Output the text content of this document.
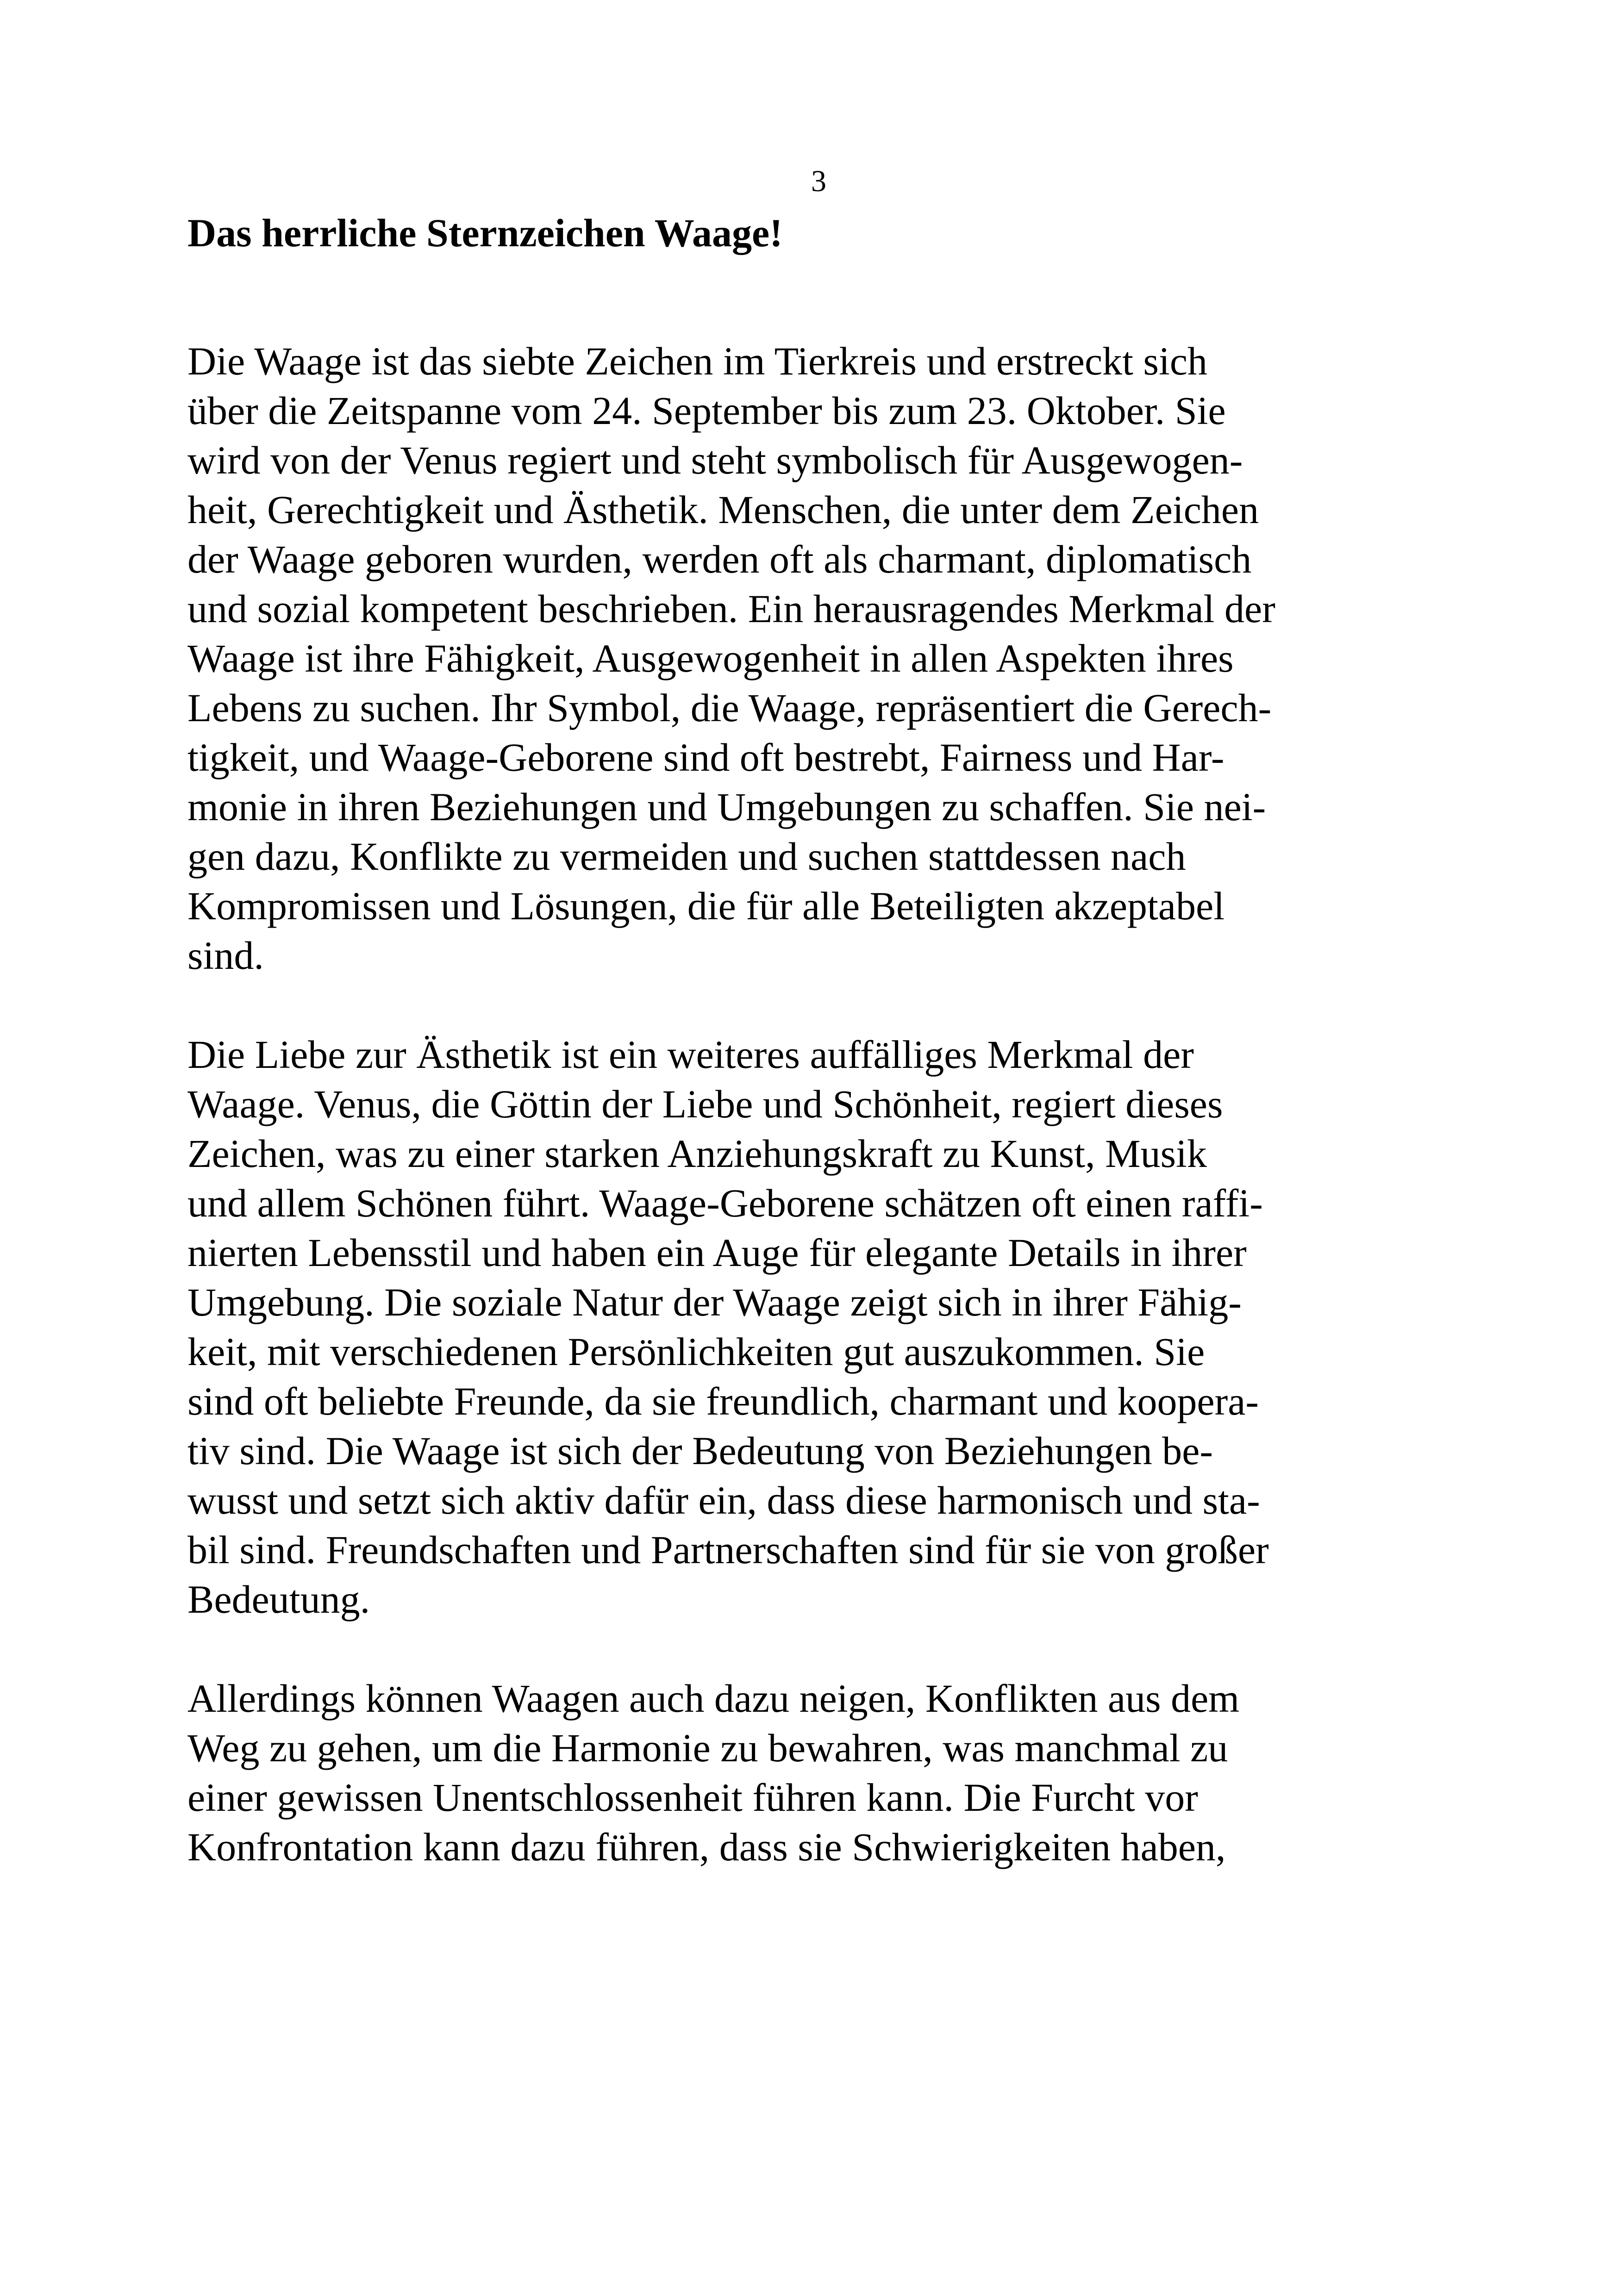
3
Das herrliche Sternzeichen Waage!
Die Waage ist das siebte Zeichen im Tierkreis und erstreckt sich
über die Zeitspanne vom 24. September bis zum 23. Oktober. Sie
wird von der Venus regiert und steht symbolisch für Ausgewogen-
heit, Gerechtigkeit und Ästhetik. Menschen, die unter dem Zeichen
der Waage geboren wurden, werden oft als charmant, diplomatisch
und sozial kompetent beschrieben. Ein herausragendes Merkmal der
Waage ist ihre Fähigkeit, Ausgewogenheit in allen Aspekten ihres
Lebens zu suchen. Ihr Symbol, die Waage, repräsentiert die Gerech-
tigkeit, und Waage-Geborene sind oft bestrebt, Fairness und Har-
monie in ihren Beziehungen und Umgebungen zu schaffen. Sie nei-
gen dazu, Konflikte zu vermeiden und suchen stattdessen nach
Kompromissen und Lösungen, die für alle Beteiligten akzeptabel
sind.
Die Liebe zur Ästhetik ist ein weiteres auffälliges Merkmal der
Waage. Venus, die Göttin der Liebe und Schönheit, regiert dieses
Zeichen, was zu einer starken Anziehungskraft zu Kunst, Musik
und allem Schönen führt. Waage-Geborene schätzen oft einen raffi-
nierten Lebensstil und haben ein Auge für elegante Details in ihrer
Umgebung. Die soziale Natur der Waage zeigt sich in ihrer Fähig-
keit, mit verschiedenen Persönlichkeiten gut auszukommen. Sie
sind oft beliebte Freunde, da sie freundlich, charmant und koopera-
tiv sind. Die Waage ist sich der Bedeutung von Beziehungen be-
wusst und setzt sich aktiv dafür ein, dass diese harmonisch und sta-
bil sind. Freundschaften und Partnerschaften sind für sie von großer
Bedeutung.
Allerdings können Waagen auch dazu neigen, Konflikten aus dem
Weg zu gehen, um die Harmonie zu bewahren, was manchmal zu
einer gewissen Unentschlossenheit führen kann. Die Furcht vor
Konfrontation kann dazu führen, dass sie Schwierigkeiten haben,
